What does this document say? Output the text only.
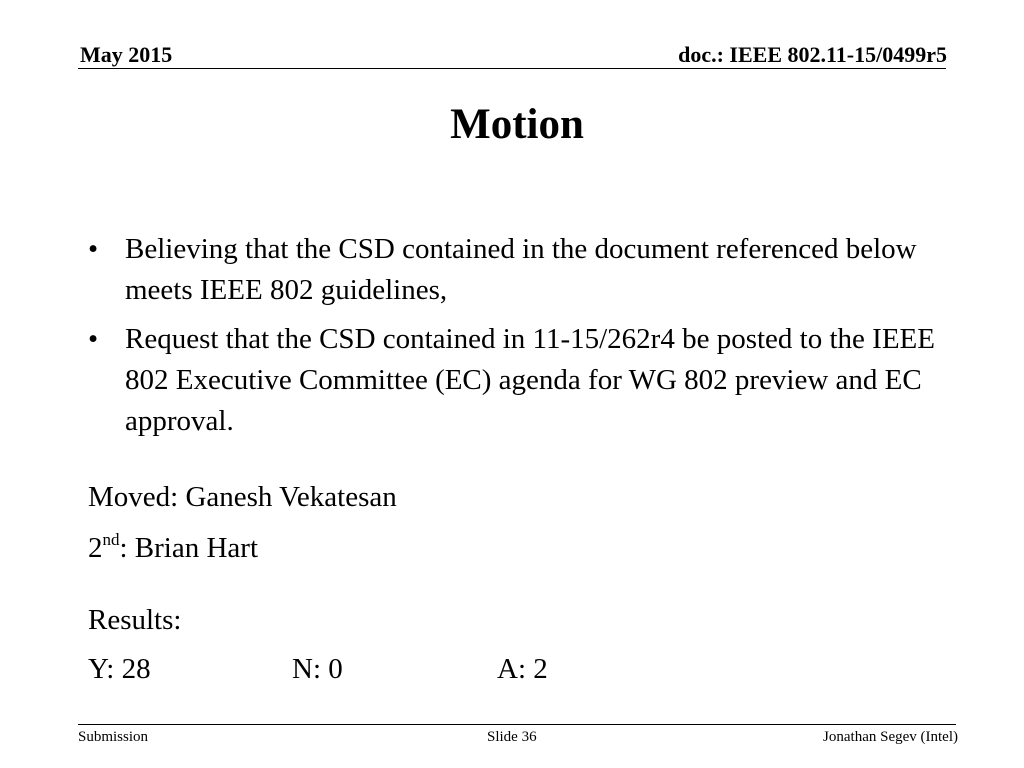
May 2015	doc.: IEEE 802.11-15/0499r5
Motion
• Believing that the CSD contained in the document referenced below meets IEEE 802 guidelines,
• Request that the CSD contained in 11-15/262r4 be posted to the IEEE 802 Executive Committee (EC) agenda for WG 802 preview and EC approval.
Moved: Ganesh Vekatesan
2nd: Brian Hart
Results:
Y: 28	N: 0	A: 2
Submission	Slide 36	Jonathan Segev (Intel)
